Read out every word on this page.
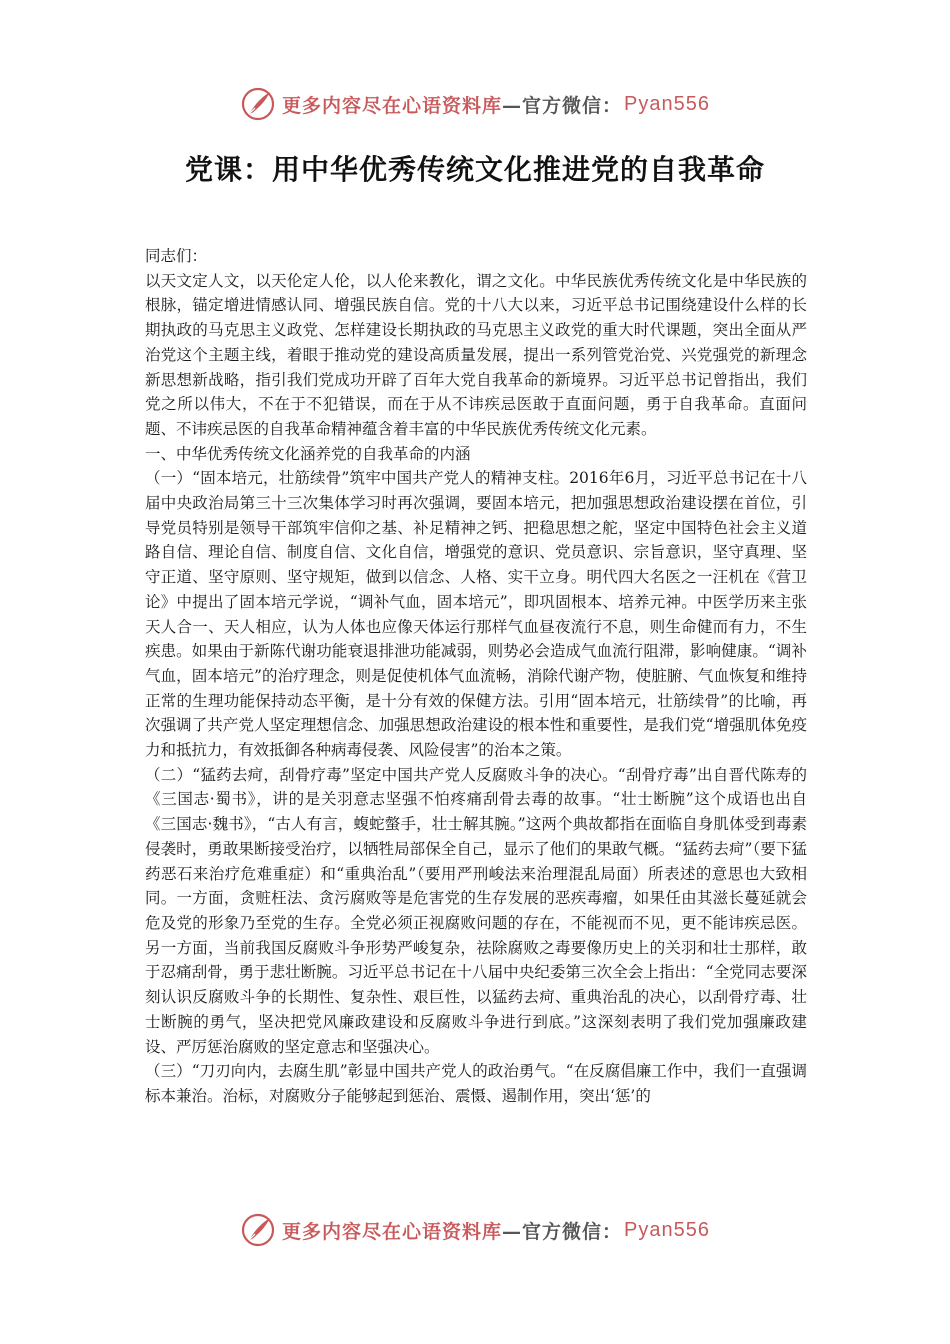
更多内容尽在心语资料库 —官方微信： Pyan556
党课：用中华优秀传统文化推进党的自我革命

同志们：

以天文定人文，以天伦定人伦，以人伦来教化，谓之文化。中华民族优秀传统文化是中华民族的根脉，锚定增进情感认同、增强民族自信。党的十八大以来，习近平总书记围绕建设什么样的长期执政的马克思主义政党、怎样建设长期执政的马克思主义政党的重大时代课题，突出全面从严治党这个主题主线，着眼于推动党的建设高质量发展，提出一系列管党治党、兴党强党的新理念新思想新战略，指引我们党成功开辟了百年大党自我革命的新境界。习近平总书记曾指出，我们党之所以伟大，不在于不犯错误，而在于从不讳疾忌医敢于直面问题，勇于自我革命。直面问题、不讳疾忌医的自我革命精神蕴含着丰富的中华民族优秀传统文化元素。

一、中华优秀传统文化涵养党的自我革命的内涵

（一）“固本培元，壮筋续骨”筑牢中国共产党人的精神支柱。2016年6月，习近平总书记在十八届中央政治局第三十三次集体学习时再次强调，要固本培元，把加强思想政治建设摆在首位，引导党员特别是领导干部筑牢信仰之基、补足精神之钙、把稳思想之舵，坚定中国特色社会主义道路自信、理论自信、制度自信、文化自信，增强党的意识、党员意识、宗旨意识，坚守真理、坚守正道、坚守原则、坚守规矩，做到以信念、人格、实干立身。明代四大名医之一汪机在《营卫论》中提出了固本培元学说，“调补气血，固本培元”，即巩固根本、培养元神。中医学历来主张天人合一、天人相应，认为人体也应像天体运行那样气血昼夜流行不息，则生命健而有力，不生疾患。如果由于新陈代谢功能衰退排泄功能减弱，则势必会造成气血流行阻滞，影响健康。“调补气血，固本培元”的治疗理念，则是促使机体气血流畅，消除代谢产物，使脏腑、气血恢复和维持正常的生理功能保持动态平衡，是十分有效的保健方法。引用“固本培元，壮筋续骨”的比喻，再次强调了共产党人坚定理想信念、加强思想政治建设的根本性和重要性，是我们党“增强肌体免疫力和抵抗力，有效抵御各种病毒侵袭、风险侵害”的治本之策。

（二）“猛药去疴，刮骨疗毒”坚定中国共产党人反腐败斗争的决心。“刮骨疗毒”出自晋代陈寿的《三国志·蜀书》，讲的是关羽意志坚强不怕疼痛刮骨去毒的故事。“壮士断腕”这个成语也出自《三国志·魏书》，“古人有言，蝮蛇螫手，壮士解其腕。”这两个典故都指在面临自身肌体受到毒素侵袭时，勇敢果断接受治疗，以牺牲局部保全自己，显示了他们的果敢气概。“猛药去疴”（要下猛药恶石来治疗危难重症）和“重典治乱”（要用严刑峻法来治理混乱局面）所表述的意思也大致相同。一方面，贪赃枉法、贪污腐败等是危害党的生存发展的恶疾毒瘤，如果任由其滋长蔓延就会危及党的形象乃至党的生存。全党必须正视腐败问题的存在，不能视而不见，更不能讳疾忌医。另一方面，当前我国反腐败斗争形势严峻复杂，祛除腐败之毒要像历史上的关羽和壮士那样，敢于忍痛刮骨，勇于悲壮断腕。习近平总书记在十八届中央纪委第三次全会上指出：“全党同志要深刻认识反腐败斗争的长期性、复杂性、艰巨性，以猛药去疴、重典治乱的决心，以刮骨疗毒、壮士断腕的勇气，坚决把党风廉政建设和反腐败斗争进行到底。”这深刻表明了我们党加强廉政建设、严厉惩治腐败的坚定意志和坚强决心。

（三）“刀刃向内，去腐生肌”彰显中国共产党人的政治勇气。“在反腐倡廉工作中，我们一直强调标本兼治。治标，对腐败分子能够起到惩治、震慑、遏制作用，突出‘惩’的

更多内容尽在心语资料库 —官方微信： Pyan556
